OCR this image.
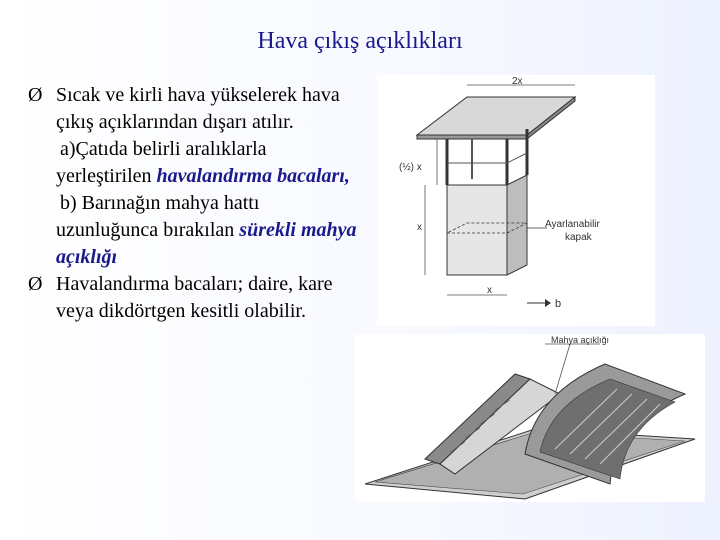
Hava çıkış açıklıkları
Ø Sıcak ve kirli hava yükselerek hava çıkış açıklarından dışarı atılır.
a)Çatıda belirli aralıklarla yerleştirilen havalandırma bacaları,
b) Barınağın mahya hattı uzunluğunca bırakılan sürekli mahya açıklığı
Ø Havalandırma bacaları; daire, kare veya dikdörtgen kesitli olabilir.
2x
Ayarlanabilir
kapak
(½) x
x
x
b
Mahya açıklığı
